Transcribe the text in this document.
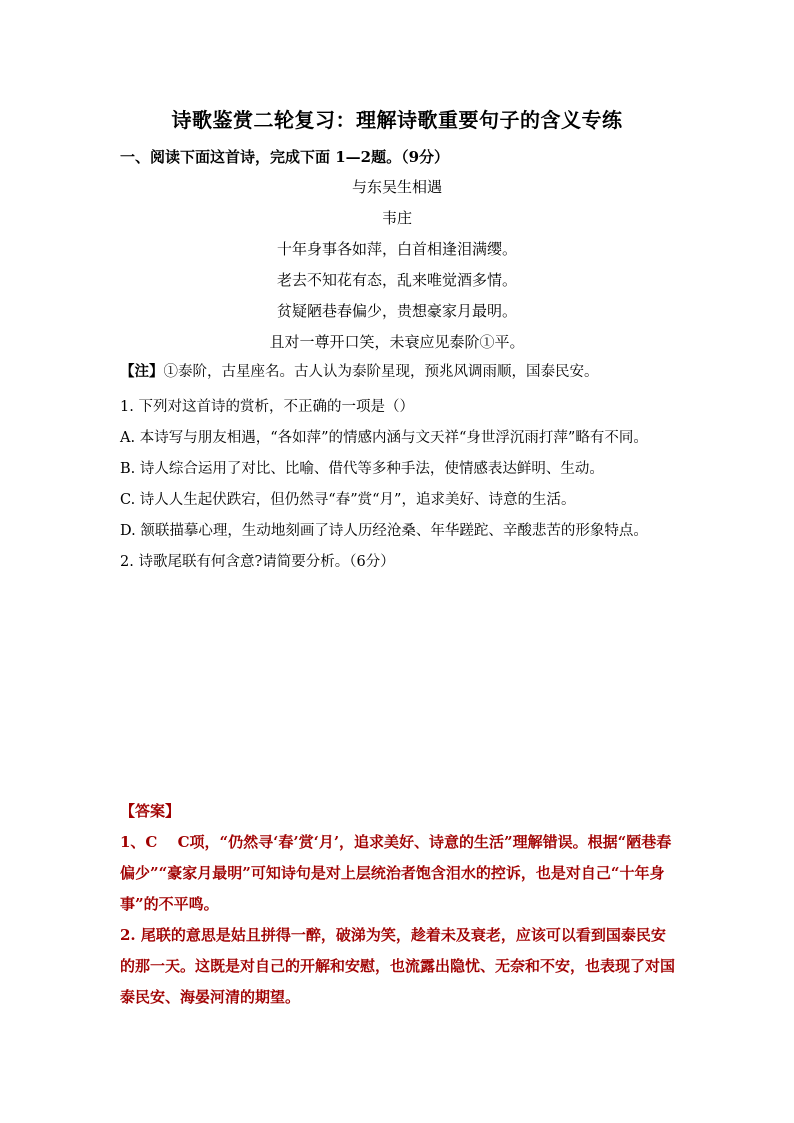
诗歌鉴赏二轮复习：理解诗歌重要句子的含义专练
一、阅读下面这首诗，完成下面 1—2题。（9分）
与东吴生相遇
韦庄
十年身事各如萍，白首相逢泪满缨。
老去不知花有态，乱来唯觉酒多情。
贫疑陋巷春偏少，贵想豪家月最明。
且对一尊开口笑，未衰应见泰阶①平。

【注】①泰阶，古星座名。古人认为泰阶星现，预兆风调雨顺，国泰民安。

1. 下列对这首诗的赏析，不正确的一项是（）

A. 本诗写与朋友相遇，“各如萍”的情感内涵与文天祥“身世浮沉雨打萍”略有不同。

B. 诗人综合运用了对比、比喻、借代等多种手法，使情感表达鲜明、生动。

C. 诗人人生起伏跌宕，但仍然寻“春”赏“月”，追求美好、诗意的生活。

D. 颔联描摹心理，生动地刻画了诗人历经沧桑、年华蹉跎、辛酸悲苦的形象特点。

2. 诗歌尾联有何含意?请简要分析。（6分）

【答案】

1、C　 C项，“仍然寻‘春’赏‘月’，追求美好、诗意的生活”理解错误。根据“陋巷春偏少”“豪家月最明”可知诗句是对上层统治者饱含泪水的控诉，也是对自己“十年身事”的不平鸣。

2. 尾联的意思是姑且拼得一醉，破涕为笑，趁着未及衰老，应该可以看到国泰民安的那一天。这既是对自己的开解和安慰，也流露出隐忧、无奈和不安，也表现了对国泰民安、海晏河清的期望。
